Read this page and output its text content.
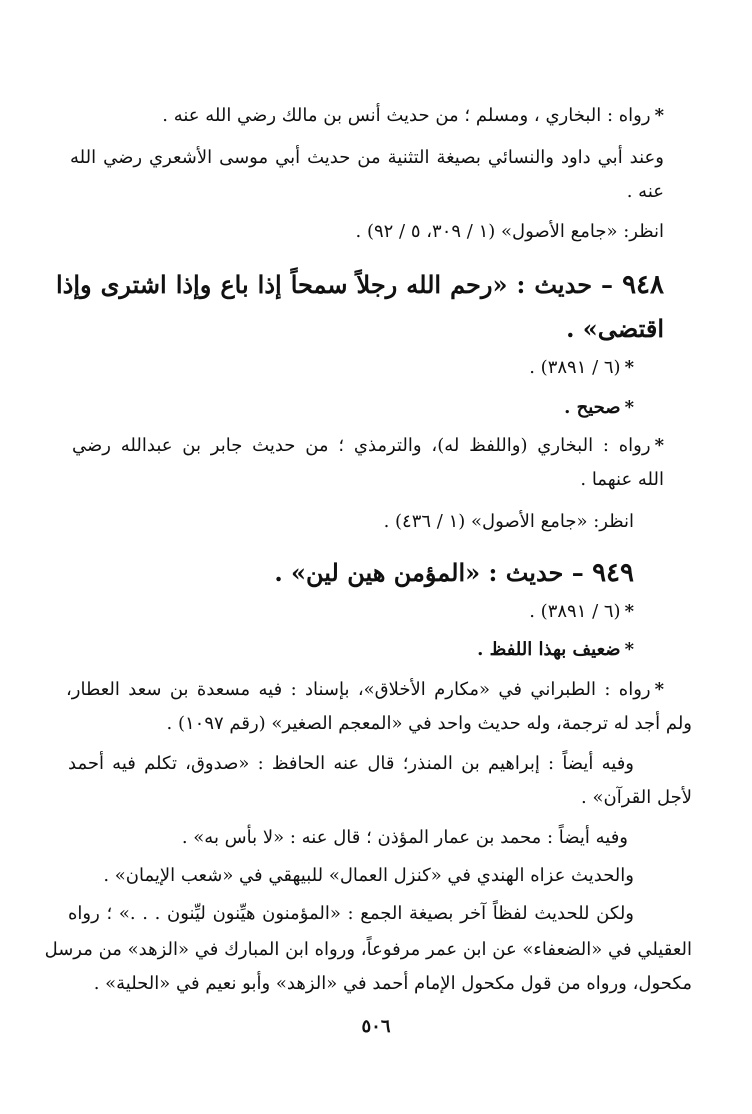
*رواه : البخاري ، ومسلم ؛ من حديث أنس بن مالك رضي الله عنه .
وعند أبي داود والنسائي بصيغة التثنية من حديث أبي موسى الأشعري رضي الله
عنه .
انظر: «جامع الأصول» (١ / ٣٠٩، ٥ / ٩٢) .
٩٤٨ – حديث : «رحم الله رجلاً سمحاً إذا باع وإذا اشترى وإذا
اقتضى» .
*(٦ / ٣٨٩١) .
*صحيح .
*رواه : البخاري (واللفظ له)، والترمذي ؛ من حديث جابر بن عبدالله رضي
الله عنهما .
انظر: «جامع الأصول» (١ / ٤٣٦) .
٩٤٩ – حديث : «المؤمن هين لين» .
*(٦ / ٣٨٩١) .
*ضعيف بهذا اللفظ .
*رواه : الطبراني في «مكارم الأخلاق»، بإسناد : فيه مسعدة بن سعد العطار،
ولم أجد له ترجمة، وله حديث واحد في «المعجم الصغير» (رقم ١٠٩٧) .
وفيه أيضاً : إبراهيم بن المنذر؛ قال عنه الحافظ : «صدوق، تكلم فيه أحمد
لأجل القرآن» .
وفيه أيضاً : محمد بن عمار المؤذن ؛ قال عنه : «لا بأس به» .
والحديث عزاه الهندي في «كنزل العمال» للبيهقي في «شعب الإيمان» .
ولكن للحديث لفظاً آخر بصيغة الجمع : «المؤمنون هيِّنون ليِّنون . . .» ؛ رواه
العقيلي في «الضعفاء» عن ابن عمر مرفوعاً، ورواه ابن المبارك في «الزهد» من مرسل
مكحول، ورواه من قول مكحول الإمام أحمد في «الزهد» وأبو نعيم في «الحلية» .
٥٠٦
